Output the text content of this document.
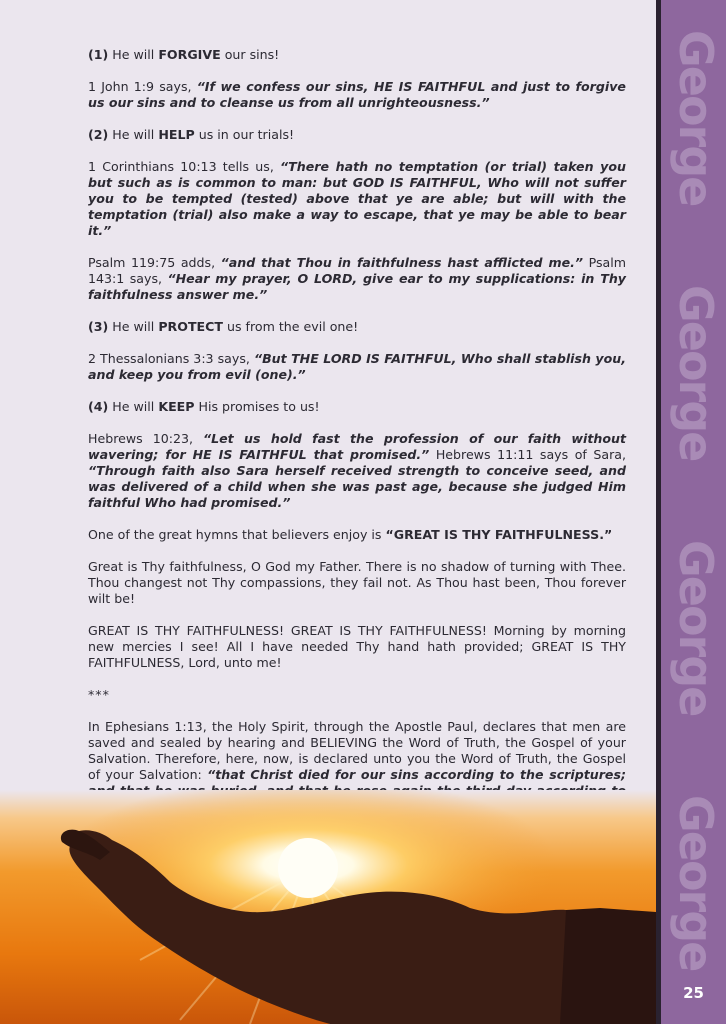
(1) He will FORGIVE our sins!

1 John 1:9 says, “If we confess our sins, HE IS FAITHFUL and just to forgive us our sins and to cleanse us from all unrighteousness.”

(2) He will HELP us in our trials!

1 Corinthians 10:13 tells us, “There hath no temptation (or trial) taken you but such as is common to man: but GOD IS FAITHFUL, Who will not suffer you to be tempted (tested) above that ye are able; but will with the temptation (trial) also make a way to escape, that ye may be able to bear it.”

Psalm 119:75 adds, “and that Thou in faithfulness hast afflicted me.” Psalm 143:1 says, “Hear my prayer, O LORD, give ear to my supplications: in Thy faithfulness answer me.”

(3) He will PROTECT us from the evil one!

2 Thessalonians 3:3 says, “But THE LORD IS FAITHFUL, Who shall stablish you, and keep you from evil (one).”

(4) He will KEEP His promises to us!

Hebrews 10:23, “Let us hold fast the profession of our faith without wavering; for HE IS FAITHFUL that promised.” Hebrews 11:11 says of Sara, “Through faith also Sara herself received strength to conceive seed, and was delivered of a child when she was past age, because she judged Him faithful Who had promised.”

One of the great hymns that believers enjoy is “GREAT IS THY FAITHFULNESS.”

Great is Thy faithfulness, O God my Father. There is no shadow of turning with Thee. Thou changest not Thy compassions, they fail not. As Thou hast been, Thou forever wilt be!

GREAT IS THY FAITHFULNESS! GREAT IS THY FAITHFULNESS! Morning by morning new mercies I see! All I have needed Thy hand hath provided; GREAT IS THY FAITHFULNESS, Lord, unto me!

***

In Ephesians 1:13, the Holy Spirit, through the Apostle Paul, declares that men are saved and sealed by hearing and BELIEVING the Word of Truth, the Gospel of your Salvation. Therefore, here, now, is declared unto you the Word of Truth, the Gospel of your Salvation: “that Christ died for our sins according to the scriptures;

George
George
George
George
25
